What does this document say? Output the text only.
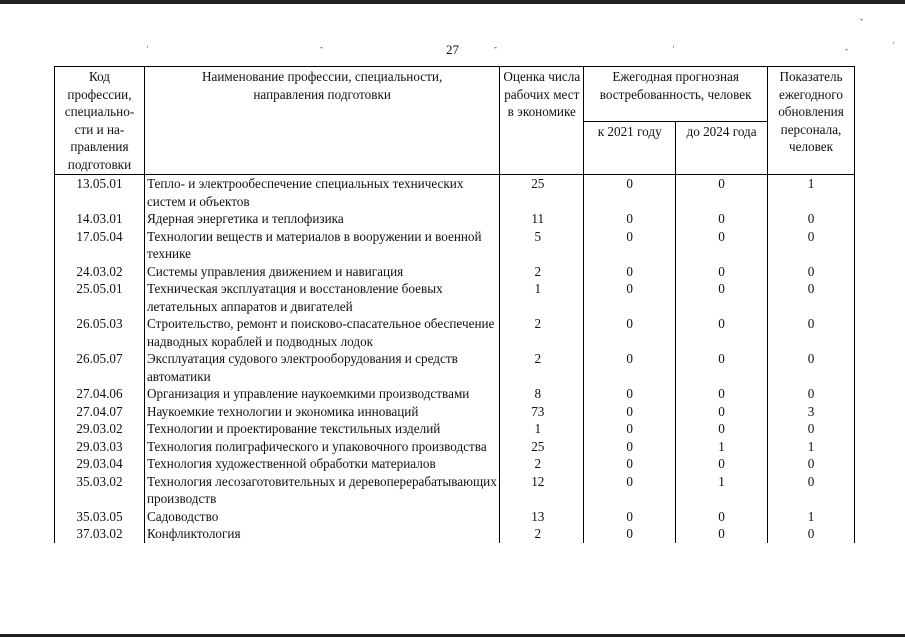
·	-	-	·	-
-
·
27
Код профессии, специально-сти и на-правления подготовки	Наименование профессии, специальности, направления подготовки	Оценка числа рабочих мест в экономике	Ежегодная прогнозная востребованность, человек		Показатель ежегодного обновления персонала, человек
			к 2021 году	до 2024 года	
13.05.01	Тепло- и электрообеспечение специальных технических систем и объектов	25	0	0	1
14.03.01	Ядерная энергетика и теплофизика	11	0	0	0
17.05.04	Технологии веществ и материалов в вооружении и военной технике	5	0	0	0
24.03.02	Системы управления движением и навигация	2	0	0	0
25.05.01	Техническая эксплуатация и восстановление боевых летательных аппаратов и двигателей	1	0	0	0
26.05.03	Строительство, ремонт и поисково-спасательное обеспечение надводных кораблей и подводных лодок	2	0	0	0
26.05.07	Эксплуатация судового электрооборудования и средств автоматики	2	0	0	0
27.04.06	Организация и управление наукоемкими производствами	8	0	0	0
27.04.07	Наукоемкие технологии и экономика инноваций	73	0	0	3
29.03.02	Технологии и проектирование текстильных изделий	1	0	0	0
29.03.03	Технология полиграфического и упаковочного производства	25	0	1	1
29.03.04	Технология художественной обработки материалов	2	0	0	0
35.03.02	Технология лесозаготовительных и деревоперерабатывающих производств	12	0	1	0
35.03.05	Садоводство	13	0	0	1
37.03.02	Конфликтология	2	0	0	0
